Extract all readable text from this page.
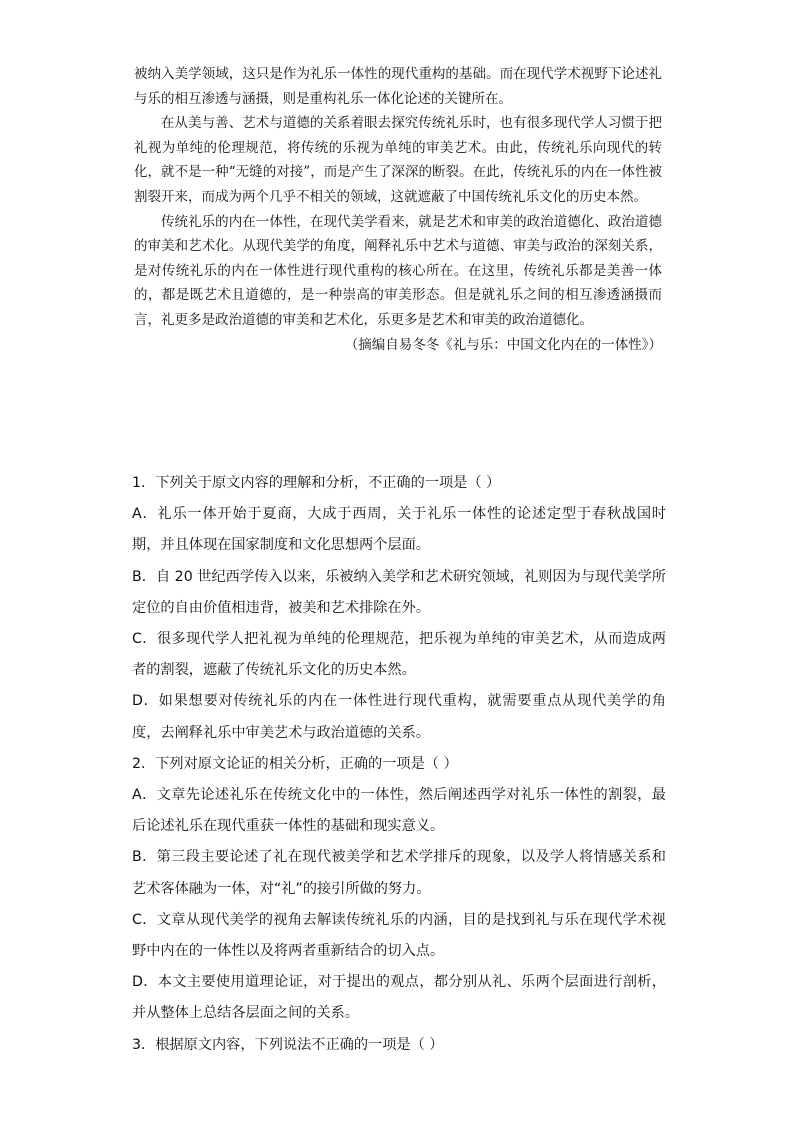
被纳入美学领域，这只是作为礼乐一体性的现代重构的基础。而在现代学术视野下论述礼与乐的相互渗透与涵摄，则是重构礼乐一体化论述的关键所在。

在从美与善、艺术与道德的关系着眼去探究传统礼乐时，也有很多现代学人习惯于把礼视为单纯的伦理规范，将传统的乐视为单纯的审美艺术。由此，传统礼乐向现代的转化，就不是一种“无缝的对接”，而是产生了深深的断裂。在此，传统礼乐的内在一体性被割裂开来，而成为两个几乎不相关的领域，这就遮蔽了中国传统礼乐文化的历史本然。

传统礼乐的内在一体性，在现代美学看来，就是艺术和审美的政治道德化、政治道德的审美和艺术化。从现代美学的角度，阐释礼乐中艺术与道德、审美与政治的深刻关系，是对传统礼乐的内在一体性进行现代重构的核心所在。在这里，传统礼乐都是美善一体的，都是既艺术且道德的，是一种崇高的审美形态。但是就礼乐之间的相互渗透涵摄而言，礼更多是政治道德的审美和艺术化，乐更多是艺术和审美的政治道德化。

（摘编自易冬冬《礼与乐：中国文化内在的一体性》）

1．下列关于原文内容的理解和分析，不正确的一项是（ ）

A．礼乐一体开始于夏商，大成于西周，关于礼乐一体性的论述定型于春秋战国时期，并且体现在国家制度和文化思想两个层面。

B．自 20 世纪西学传入以来，乐被纳入美学和艺术研究领域，礼则因为与现代美学所定位的自由价值相违背，被美和艺术排除在外。

C．很多现代学人把礼视为单纯的伦理规范，把乐视为单纯的审美艺术，从而造成两者的割裂，遮蔽了传统礼乐文化的历史本然。

D．如果想要对传统礼乐的内在一体性进行现代重构，就需要重点从现代美学的角度，去阐释礼乐中审美艺术与政治道德的关系。

2．下列对原文论证的相关分析，正确的一项是（ ）

A．文章先论述礼乐在传统文化中的一体性，然后阐述西学对礼乐一体性的割裂，最后论述礼乐在现代重获一体性的基础和现实意义。

B．第三段主要论述了礼在现代被美学和艺术学排斥的现象，以及学人将情感关系和艺术客体融为一体，对“礼”的接引所做的努力。

C．文章从现代美学的视角去解读传统礼乐的内涵，目的是找到礼与乐在现代学术视野中内在的一体性以及将两者重新结合的切入点。

D．本文主要使用道理论证，对于提出的观点，都分别从礼、乐两个层面进行剖析，并从整体上总结各层面之间的关系。

3．根据原文内容，下列说法不正确的一项是（ ）
